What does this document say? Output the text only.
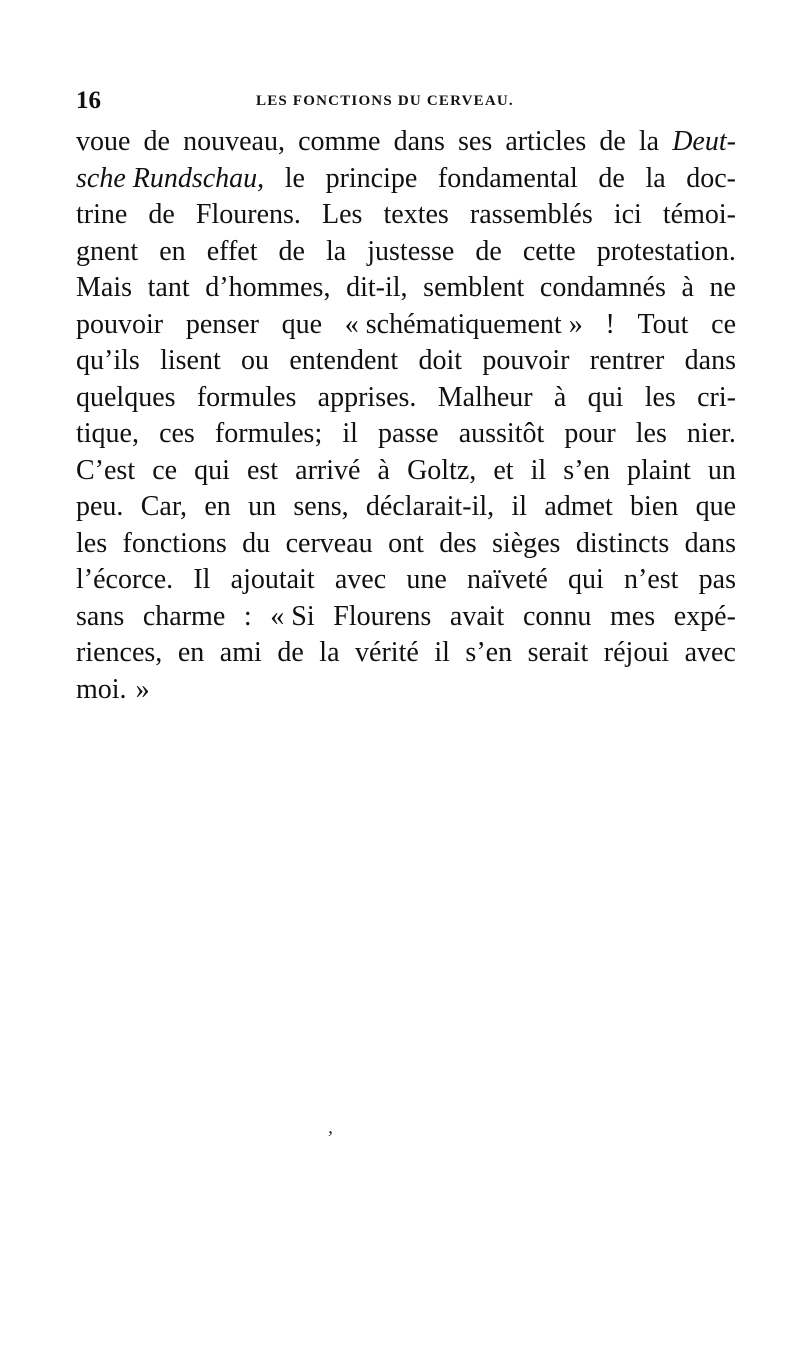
16	LES FONCTIONS DU CERVEAU.
voue de nouveau, comme dans ses articles de la Deut-
sche Rundschau, le principe fondamental de la doc-
trine de Flourens. Les textes rassemblés ici témoi-
gnent en effet de la justesse de cette protestation.
Mais tant d’hommes, dit-il, semblent condamnés à ne
pouvoir penser que « schématiquement » ! Tout ce
qu’ils lisent ou entendent doit pouvoir rentrer dans
quelques formules apprises. Malheur à qui les cri-
tique, ces formules; il passe aussitôt pour les nier.
C’est ce qui est arrivé à Goltz, et il s’en plaint un
peu. Car, en un sens, déclarait-il, il admet bien que
les fonctions du cerveau ont des sièges distincts dans
l’écorce. Il ajoutait avec une naïveté qui n’est pas
sans charme : « Si Flourens avait connu mes expé-
riences, en ami de la vérité il s’en serait réjoui avec
moi. »
,
